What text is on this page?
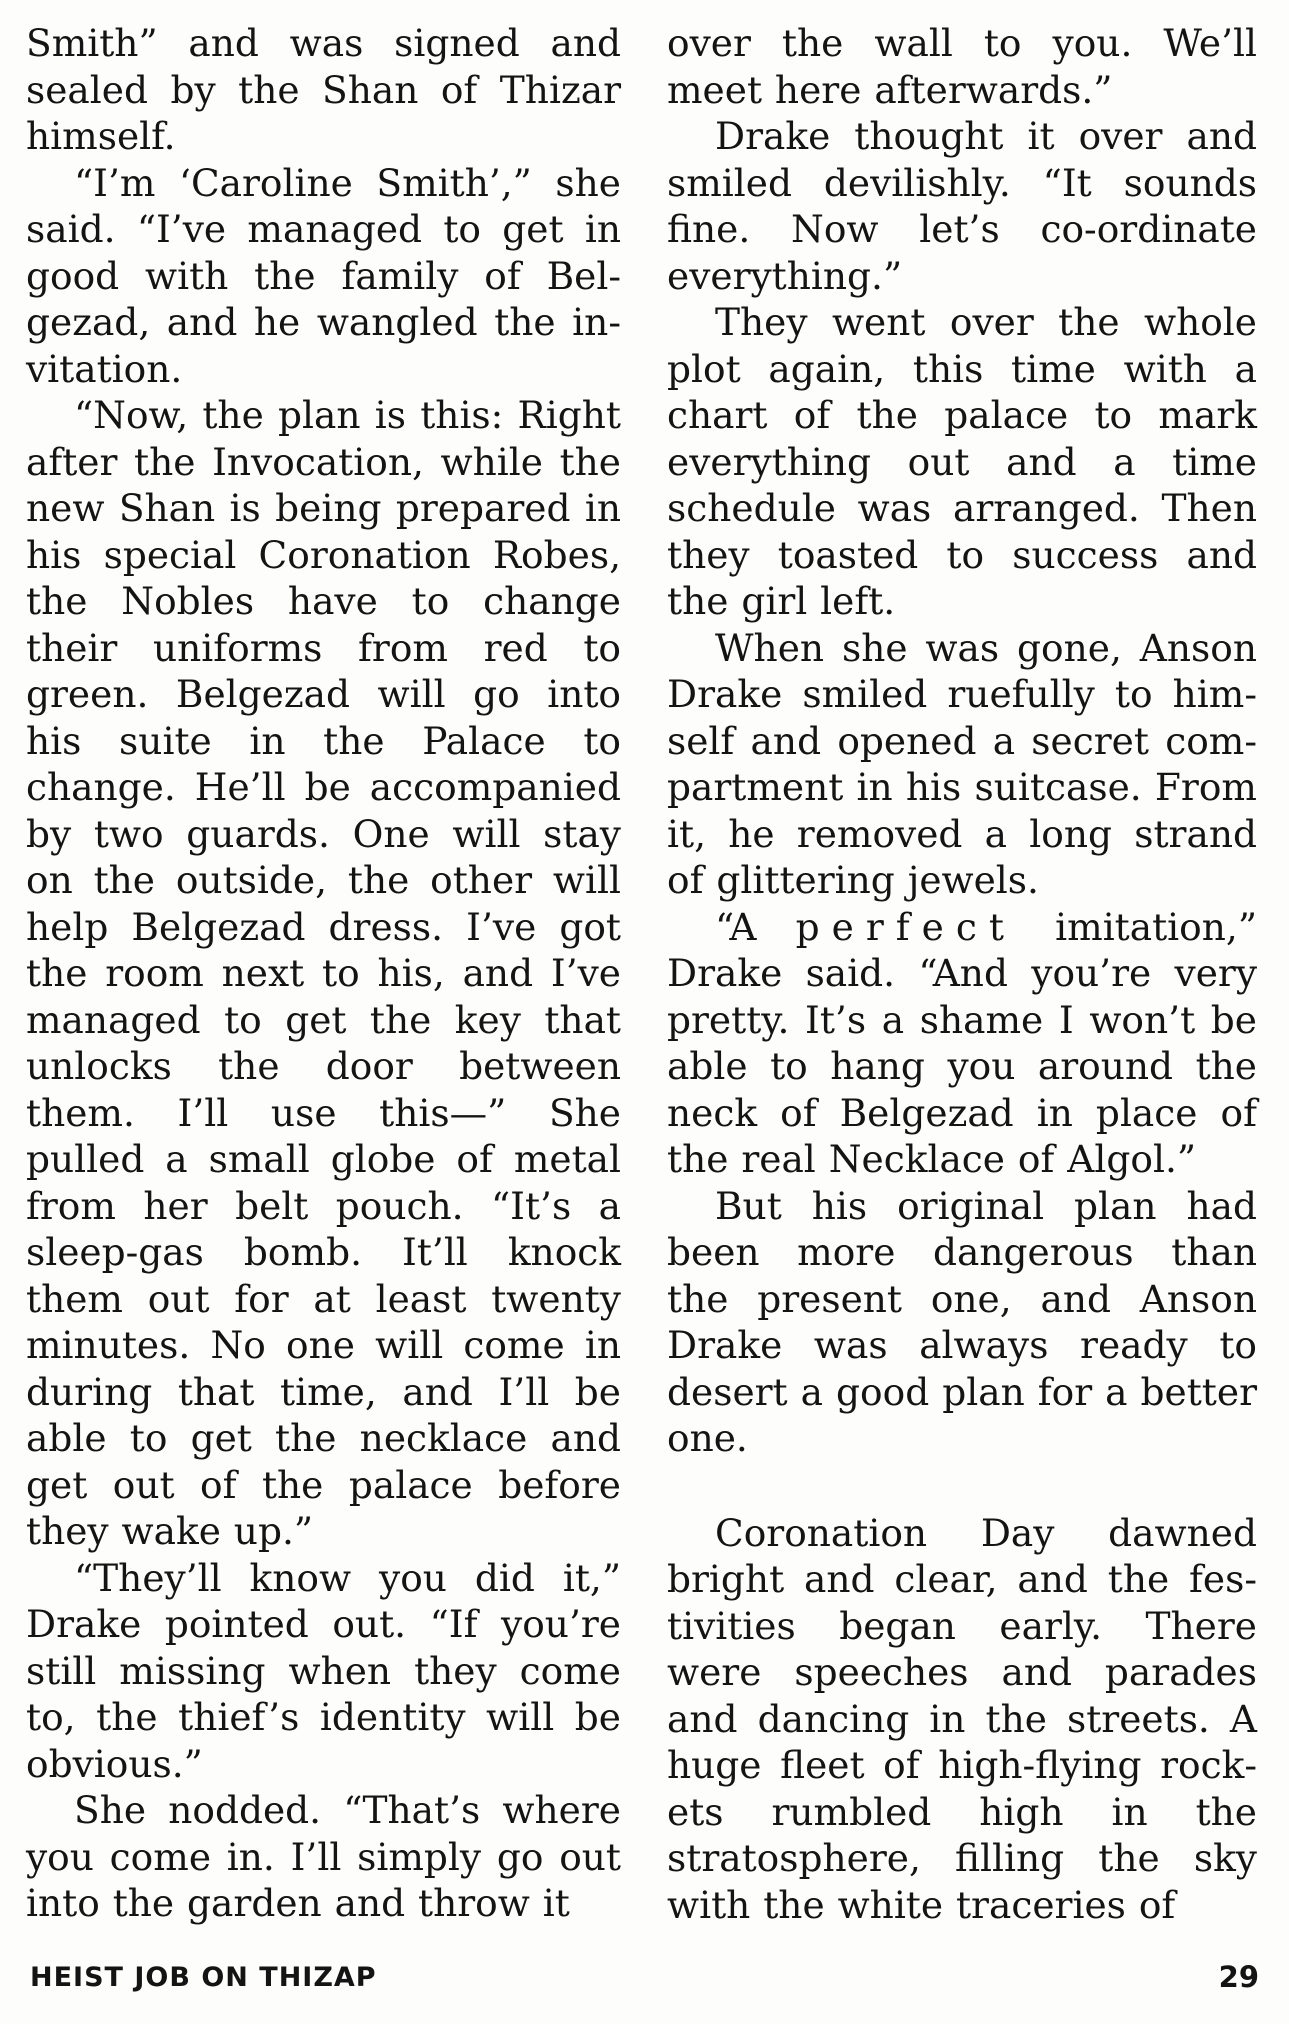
Smith” and was signed and sealed by the Shan of Thizar himself.

“I’m ‘Caroline Smith’,” she said. “I’ve managed to get in good with the family of Belgezad, and he wangled the invitation.

“Now, the plan is this: Right after the Invocation, while the new Shan is being prepared in his special Coronation Robes, the Nobles have to change their uniforms from red to green. Belgezad will go into his suite in the Palace to change. He’ll be accompanied by two guards. One will stay on the outside, the other will help Belgezad dress. I’ve got the room next to his, and I’ve managed to get the key that unlocks the door between them. I’ll use this—” She pulled a small globe of metal from her belt pouch. “It’s a sleep-gas bomb. It’ll knock them out for at least twenty minutes. No one will come in during that time, and I’ll be able to get the necklace and get out of the palace before they wake up.”

“They’ll know you did it,” Drake pointed out. “If you’re still missing when they come to, the thief’s identity will be obvious.”

She nodded. “That’s where you come in. I’ll simply go out into the garden and throw it

over the wall to you. We’ll meet here afterwards.”

Drake thought it over and smiled devilishly. “It sounds fine. Now let’s co-ordinate everything.”

They went over the whole plot again, this time with a chart of the palace to mark everything out and a time schedule was arranged. Then they toasted to success and the girl left.

When she was gone, Anson Drake smiled ruefully to himself and opened a secret compartment in his suitcase. From it, he removed a long strand of glittering jewels.

“A perfect imitation,” Drake said. “And you’re very pretty. It’s a shame I won’t be able to hang you around the neck of Belgezad in place of the real Necklace of Algol.”

But his original plan had been more dangerous than the present one, and Anson Drake was always ready to desert a good plan for a better one.

Coronation Day dawned bright and clear, and the festivities began early. There were speeches and parades and dancing in the streets. A huge fleet of high-flying rockets rumbled high in the stratosphere, filling the sky with the white traceries of

HEIST JOB ON THIZAP	29
